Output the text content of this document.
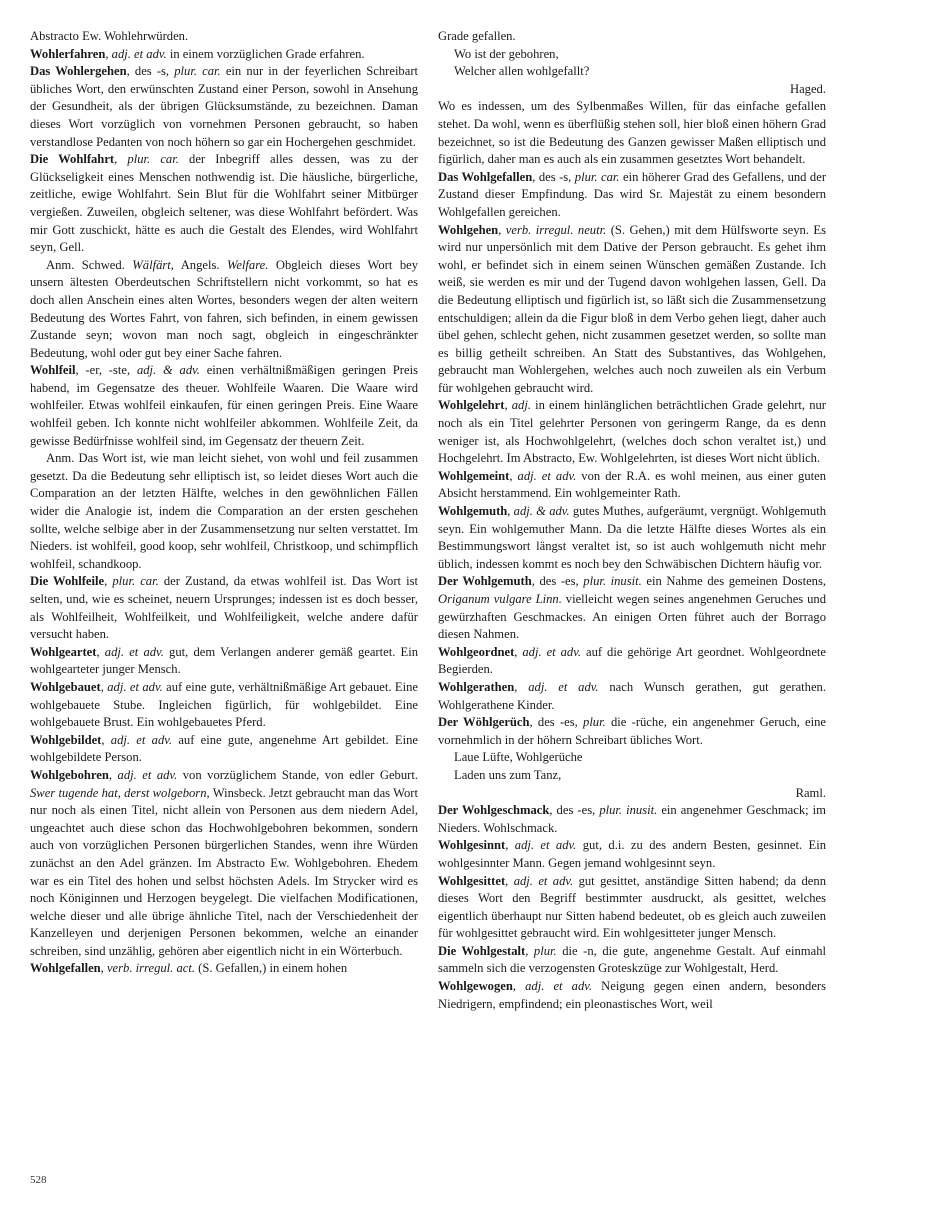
Abstracto Ew. Wohlehrwürden.

Wohlerfahren, adj. et adv. in einem vorzüglichen Grade erfahren.

Das Wohlergehen, des -s, plur. car. ein nur in der feyerlichen Schreibart übliches Wort, den erwünschten Zustand einer Person, sowohl in Ansehung der Gesundheit, als der übrigen Glücksumstände, zu bezeichnen. Daman dieses Wort vorzüglich von vornehmen Personen gebraucht, so haben verstandlose Pedanten von noch höhern so gar ein Hochergehen geschmidet.

Die Wohlfahrt, plur. car. der Inbegriff alles dessen, was zu der Glückseligkeit eines Menschen nothwendig ist. Die häusliche, bürgerliche, zeitliche, ewige Wohlfahrt. Sein Blut für die Wohlfahrt seiner Mitbürger vergießen. Zuweilen, obgleich seltener, was diese Wohlfahrt befördert. Was mir Gott zuschickt, hätte es auch die Gestalt des Elendes, wird Wohlfahrt seyn, Gell.

Anm. Schwed. Wälfärt, Angels. Welfare. Obgleich dieses Wort bey unsern ältesten Oberdeutschen Schriftstellern nicht vorkommt, so hat es doch allen Anschein eines alten Wortes, besonders wegen der alten weitern Bedeutung des Wortes Fahrt, von fahren, sich befinden, in einem gewissen Zustande seyn; wovon man noch sagt, obgleich in eingeschränkter Bedeutung, wohl oder gut bey einer Sache fahren.

Wohlfeil, -er, -ste, adj. & adv. einen verhältnißmäßigen geringen Preis habend, im Gegensatze des theuer. Wohlfeile Waaren. Die Waare wird wohlfeiler. Etwas wohlfeil einkaufen, für einen geringen Preis. Eine Waare wohlfeil geben. Ich konnte nicht wohlfeiler abkommen. Wohlfeile Zeit, da gewisse Bedürfnisse wohlfeil sind, im Gegensatz der theuern Zeit.

Anm. Das Wort ist, wie man leicht siehet, von wohl und feil zusammen gesetzt. Da die Bedeutung sehr elliptisch ist, so leidet dieses Wort auch die Comparation an der letzten Hälfte, welches in den gewöhnlichen Fällen wider die Analogie ist, indem die Comparation an der ersten geschehen sollte, welche selbige aber in der Zusammensetzung nur selten verstattet. Im Nieders. ist wohlfeil, good koop, sehr wohlfeil, Christkoop, und schimpflich wohlfeil, schandkoop.

Die Wohlfeile, plur. car. der Zustand, da etwas wohlfeil ist. Das Wort ist selten, und, wie es scheinet, neuern Ursprunges; indessen ist es doch besser, als Wohlfeilheit, Wohlfeilkeit, und Wohlfeiligkeit, welche andere dafür versucht haben.

Wohlgeartet, adj. et adv. gut, dem Verlangen anderer gemäß geartet. Ein wohlgearteter junger Mensch.

Wohlgebauet, adj. et adv. auf eine gute, verhältnißmäßige Art gebauet. Eine wohlgebauete Stube. Ingleichen figürlich, für wohlgebildet. Eine wohlgebauete Brust. Ein wohlgebauetes Pferd.

Wohlgebildet, adj. et adv. auf eine gute, angenehme Art gebildet. Eine wohlgebildete Person.

Wohlgebohren, adj. et adv. von vorzüglichem Stande, von edler Geburt. Swer tugende hat, derst wolgeborn, Winsbeck. Jetzt gebraucht man das Wort nur noch als einen Titel, nicht allein von Personen aus dem niedern Adel, ungeachtet auch diese schon das Hochwohlgebohren bekommen, sondern auch von vorzüglichen Personen bürgerlichen Standes, wenn ihre Würden zunächst an den Adel gränzen. Im Abstracto Ew. Wohlgebohren. Ehedem war es ein Titel des hohen und selbst höchsten Adels. Im Strycker wird es noch Königinnen und Herzogen beygelegt. Die vielfachen Modificationen, welche dieser und alle übrige ähnliche Titel, nach der Verschiedenheit der Kanzelleyen und derjenigen Personen bekommen, welche an einander schreiben, sind unzählig, gehören aber eigentlich nicht in ein Wörterbuch.

Wohlgefallen, verb. irregul. act. (S. Gefallen,) in einem hohen

Grade gefallen.

Wo ist der gebohren,

Welcher allen wohlgefallt?

Haged.

Wo es indessen, um des Sylbenmaßes Willen, für das einfache gefallen stehet. Da wohl, wenn es überflüßig stehen soll, hier bloß einen höhern Grad bezeichnet, so ist die Bedeutung des Ganzen gewisser Maßen elliptisch und figürlich, daher man es auch als ein zusammen gesetztes Wort behandelt.

Das Wohlgefallen, des -s, plur. car. ein höherer Grad des Gefallens, und der Zustand dieser Empfindung. Das wird Sr. Majestät zu einem besondern Wohlgefallen gereichen.

Wohlgehen, verb. irregul. neutr. (S. Gehen,) mit dem Hülfsworte seyn. Es wird nur unpersönlich mit dem Dative der Person gebraucht. Es gehet ihm wohl, er befindet sich in einem seinen Wünschen gemäßen Zustande. Ich weiß, sie werden es mir und der Tugend davon wohlgehen lassen, Gell. Da die Bedeutung elliptisch und figürlich ist, so läßt sich die Zusammensetzung entschuldigen; allein da die Figur bloß in dem Verbo gehen liegt, daher auch übel gehen, schlecht gehen, nicht zusammen gesetzet werden, so sollte man es billig getheilt schreiben. An Statt des Substantives, das Wohlgehen, gebraucht man Wohlergehen, welches auch noch zuweilen als ein Verbum für wohlgehen gebraucht wird.

Wohlgelehrt, adj. in einem hinlänglichen beträchtlichen Grade gelehrt, nur noch als ein Titel gelehrter Personen von geringerm Range, da es denn weniger ist, als Hochwohlgelehrt, (welches doch schon veraltet ist,) und Hochgelehrt. Im Abstracto, Ew. Wohlgelehrten, ist dieses Wort nicht üblich.

Wohlgemeint, adj. et adv. von der R.A. es wohl meinen, aus einer guten Absicht herstammend. Ein wohlgemeinter Rath.

Wohlgemuth, adj. & adv. gutes Muthes, aufgeräumt, vergnügt. Wohlgemuth seyn. Ein wohlgemuther Mann. Da die letzte Hälfte dieses Wortes als ein Bestimmungswort längst veraltet ist, so ist auch wohlgemuth nicht mehr üblich, indessen kommt es noch bey den Schwäbischen Dichtern häufig vor.

Der Wohlgemuth, des -es, plur. inusit. ein Nahme des gemeinen Dostens, Origanum vulgare Linn. vielleicht wegen seines angenehmen Geruches und gewürzhaften Geschmackes. An einigen Orten führet auch der Borrago diesen Nahmen.

Wohlgeordnet, adj. et adv. auf die gehörige Art geordnet. Wohlgeordnete Begierden.

Wohlgerathen, adj. et adv. nach Wunsch gerathen, gut gerathen. Wohlgerathene Kinder.

Der Wöhlgerüch, des -es, plur. die -rüche, ein angenehmer Geruch, eine vornehmlich in der höhern Schreibart übliches Wort.

Laue Lüfte, Wohlgerüche

Laden uns zum Tanz,

Raml.

Der Wohlgeschmack, des -es, plur. inusit. ein angenehmer Geschmack; im Nieders. Wohlschmack.

Wohlgesinnt, adj. et adv. gut, d.i. zu des andern Besten, gesinnet. Ein wohlgesinnter Mann. Gegen jemand wohlgesinnt seyn.

Wohlgesittet, adj. et adv. gut gesittet, anständige Sitten habend; da denn dieses Wort den Begriff bestimmter ausdruckt, als gesittet, welches eigentlich überhaupt nur Sitten habend bedeutet, ob es gleich auch zuweilen für wohlgesittet gebraucht wird. Ein wohlgesitteter junger Mensch.

Die Wohlgestalt, plur. die -n, die gute, angenehme Gestalt. Auf einmahl sammeln sich die verzogensten Groteskzüge zur Wohlgestalt, Herd.

Wohlgewogen, adj. et adv. Neigung gegen einen andern, besonders Niedrigern, empfindend; ein pleonastisches Wort, weil

528
